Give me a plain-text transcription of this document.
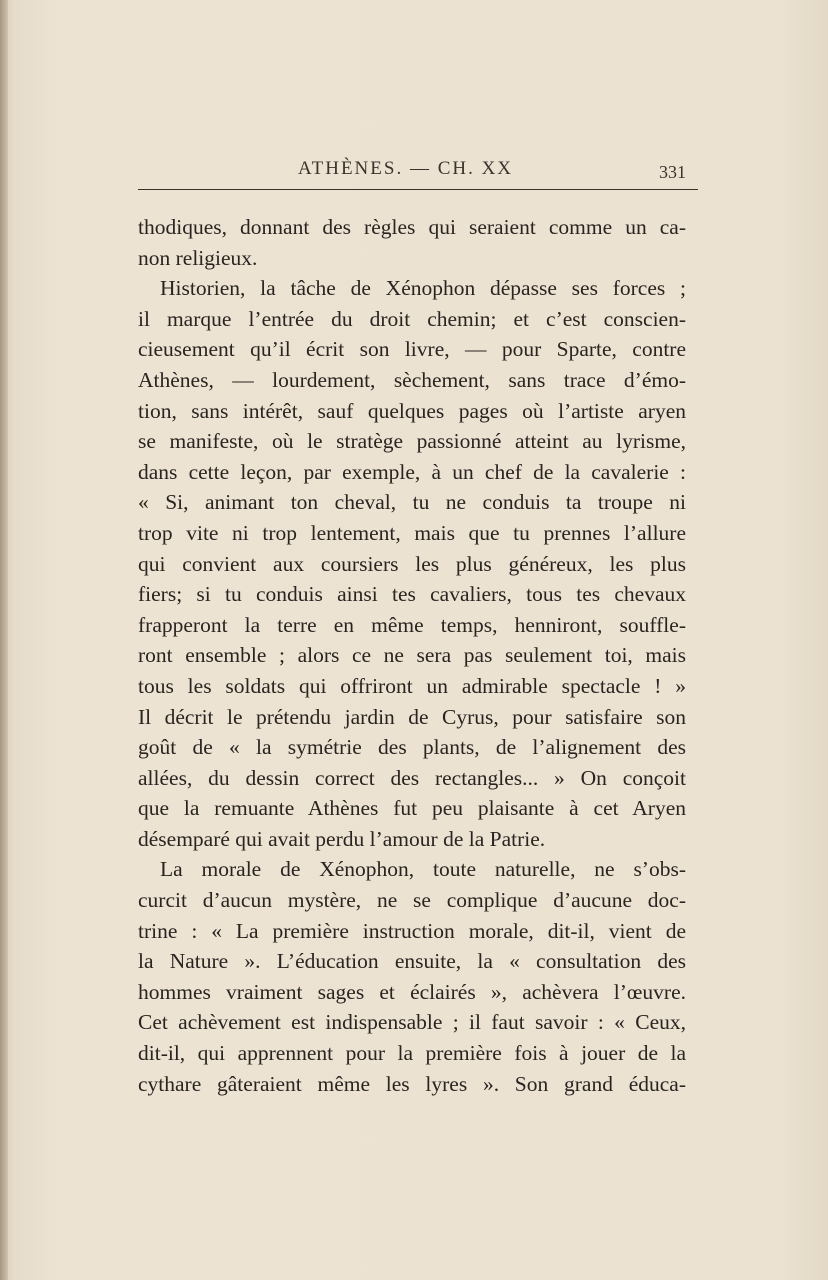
ATHÈNES. — CH. XX	331
thodiques, donnant des règles qui seraient comme un ca-
non religieux.
Historien, la tâche de Xénophon dépasse ses forces ;
il marque l’entrée du droit chemin; et c’est conscien-
cieusement qu’il écrit son livre, — pour Sparte, contre
Athènes, — lourdement, sèchement, sans trace d’émo-
tion, sans intérêt, sauf quelques pages où l’artiste aryen
se manifeste, où le stratège passionné atteint au lyrisme,
dans cette leçon, par exemple, à un chef de la cavalerie :
« Si, animant ton cheval, tu ne conduis ta troupe ni
trop vite ni trop lentement, mais que tu prennes l’allure
qui convient aux coursiers les plus généreux, les plus
fiers; si tu conduis ainsi tes cavaliers, tous tes chevaux
frapperont la terre en même temps, henniront, souffle-
ront ensemble ; alors ce ne sera pas seulement toi, mais
tous les soldats qui offriront un admirable spectacle ! »
Il décrit le prétendu jardin de Cyrus, pour satisfaire son
goût de « la symétrie des plants, de l’alignement des
allées, du dessin correct des rectangles... » On conçoit
que la remuante Athènes fut peu plaisante à cet Aryen
désemparé qui avait perdu l’amour de la Patrie.
La morale de Xénophon, toute naturelle, ne s’obs-
curcit d’aucun mystère, ne se complique d’aucune doc-
trine : « La première instruction morale, dit-il, vient de
la Nature ». L’éducation ensuite, la « consultation des
hommes vraiment sages et éclairés », achèvera l’œuvre.
Cet achèvement est indispensable ; il faut savoir : « Ceux,
dit-il, qui apprennent pour la première fois à jouer de la
cythare gâteraient même les lyres ». Son grand éduca-
